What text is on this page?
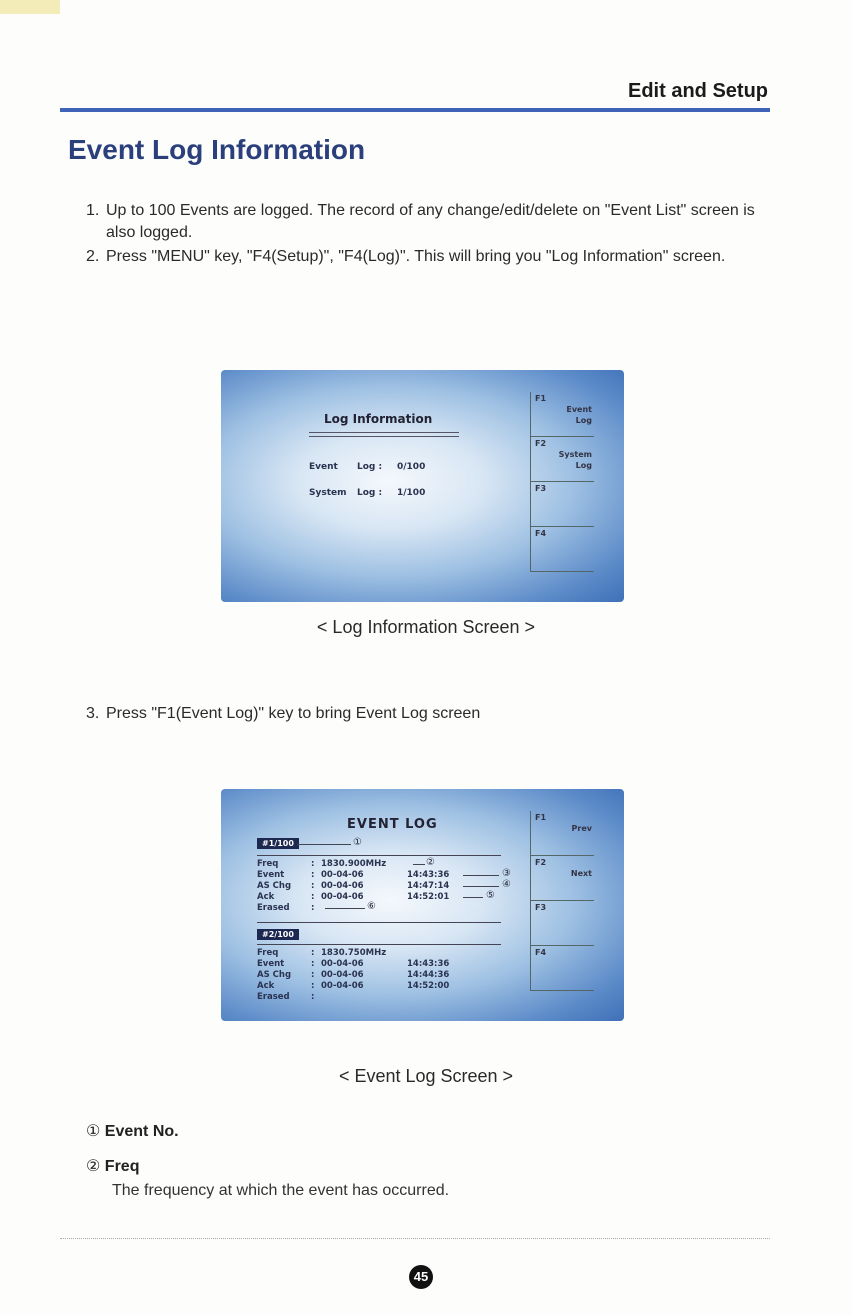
Edit and Setup
Event Log Information
1. Up to 100 Events are logged. The record of any change/edit/delete on "Event List" screen is also logged.
2. Press "MENU" key, "F4(Setup)", "F4(Log)". This will bring you "Log Information" screen.
Log Information
Event Log : 0/100
System Log : 1/100
F1
Event
Log
F2
System
Log
F3
F4
< Log Information Screen >
3. Press "F1(Event Log)" key to bring Event Log screen
EVENT LOG
#1/100	①
Freq	: 1830.900MHz
Event	: 00-04-06	14:43:36
AS Chg : 00-04-06	14:47:14
Ack	: 00-04-06	14:52:01
Erased	:
②
③
④
⑤
⑥
#2/100
Freq	: 1830.750MHz
Event	: 00-04-06	14:43:36
AS Chg : 00-04-06	14:44:36
Ack	: 00-04-06	14:52:00
Erased	:
F1
Prev
F2
Next
F3
F4
< Event Log Screen >
① Event No.
② Freq
The frequency at which the event has occurred.
45
